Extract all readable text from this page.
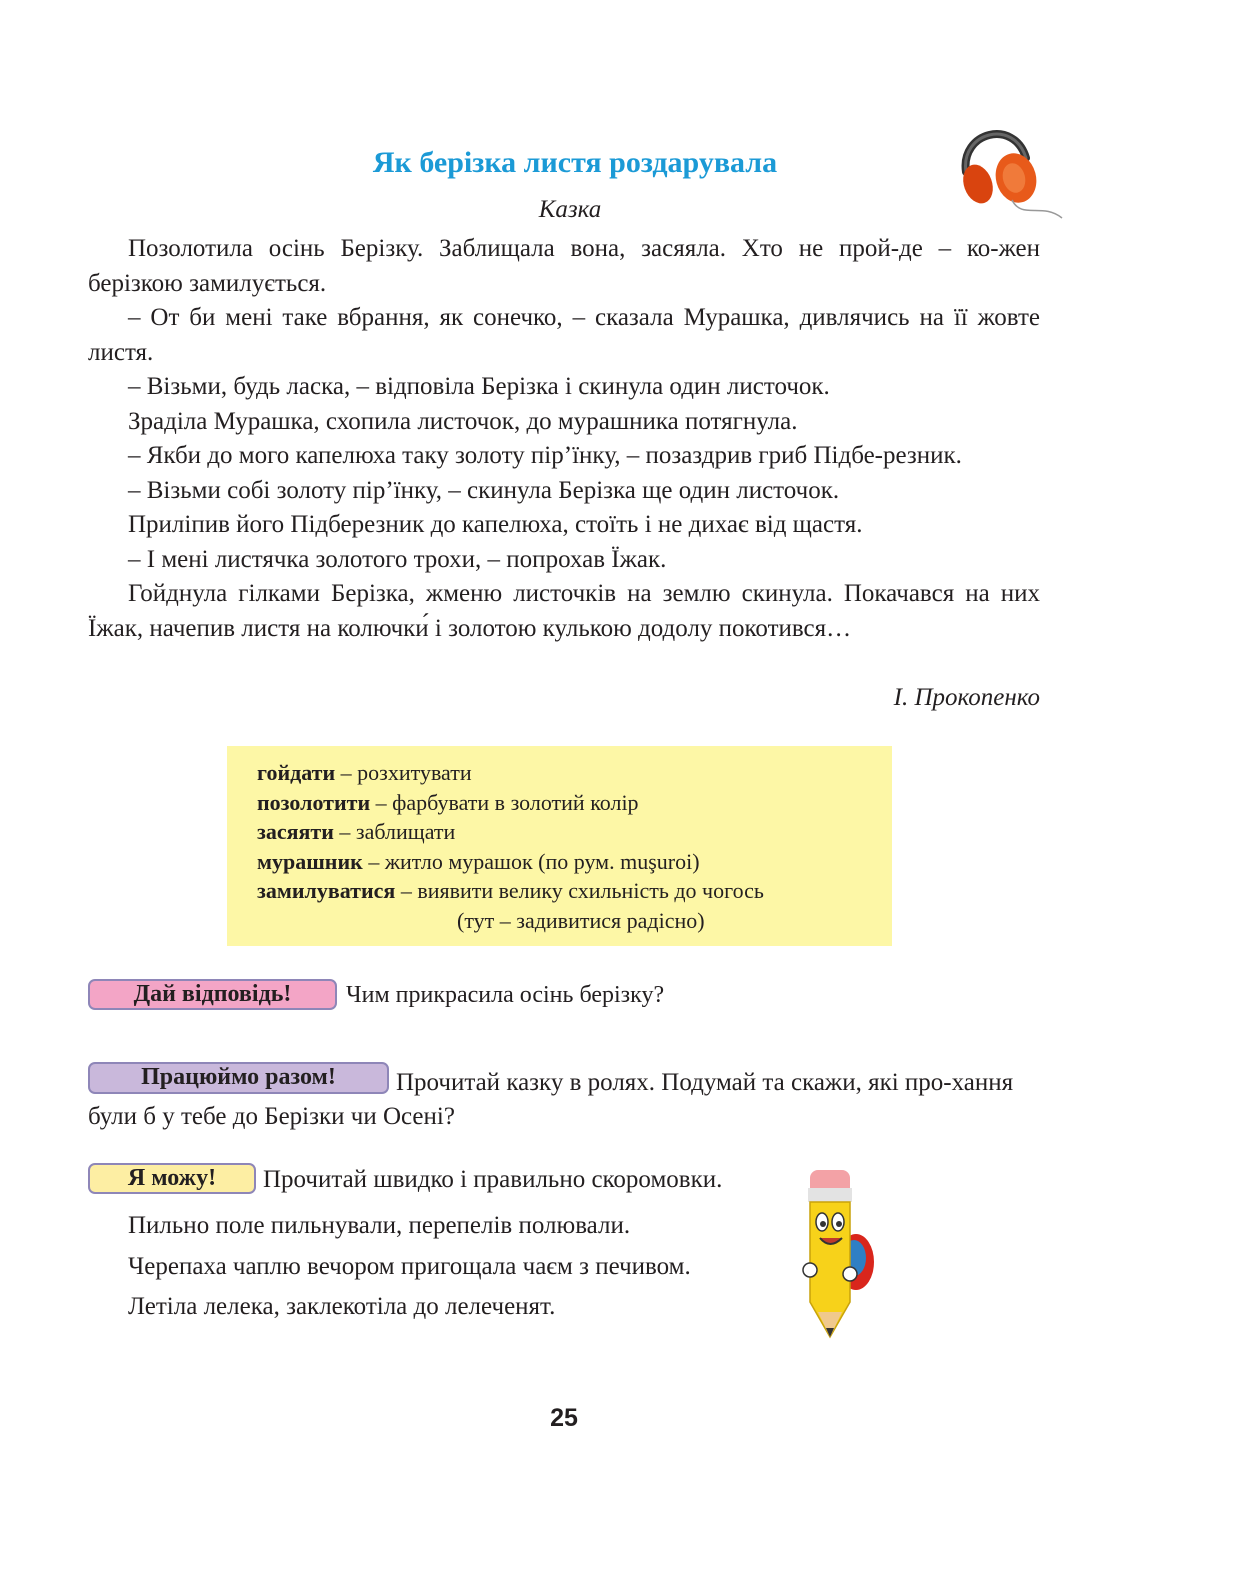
Як берізка листя роздарувала
Казка

Позолотила осінь Берізку. Заблищала вона, засяяла. Хто не прой-де – ко-жен берізкою замилується.

– От би мені таке вбрання, як сонечко, – сказала Мурашка, дивлячись на її жовте листя.

– Візьми, будь ласка, – відповіла Берізка і скинула один листочок.

Зраділа Мурашка, схопила листочок, до мурашника потягнула.

– Якби до мого капелюха таку золоту пір’їнку, – позаздрив гриб Підбе-резник.

– Візьми собі золоту пір’їнку, – скинула Берізка ще один листочок.

Приліпив його Підберезник до капелюха, стоїть і не дихає від щастя.

– І мені листячка золотого трохи, – попрохав Їжак.

Гойднула гілками Берізка, жменю листочків на землю скинула. Покачався на них Їжак, начепив листя на колючки́ і золотою кулькою додолу покотився…

І. Прокопенко
гойдати – розхитувати
позолотити – фарбувати в золотий колір
засяяти – заблищати
мурашник – житло мурашок (по рум. muşuroi)
замилуватися – виявити велику схильність до чогось
(тут – задивитися радісно)
Дай відповідь!	Чим прикрасила осінь берізку?
Працюймо разом!	Прочитай казку в ролях. Подумай та скажи, які про-хання були б у тебе до Берізки чи Осені?
Я можу!	Прочитай швидко і правильно скоромовки.
Пильно поле пильнували, перепелів полювали.
Черепаха чаплю вечором пригощала чаєм з печивом.
Летіла лелека, заклекотіла до лелеченят.
25
